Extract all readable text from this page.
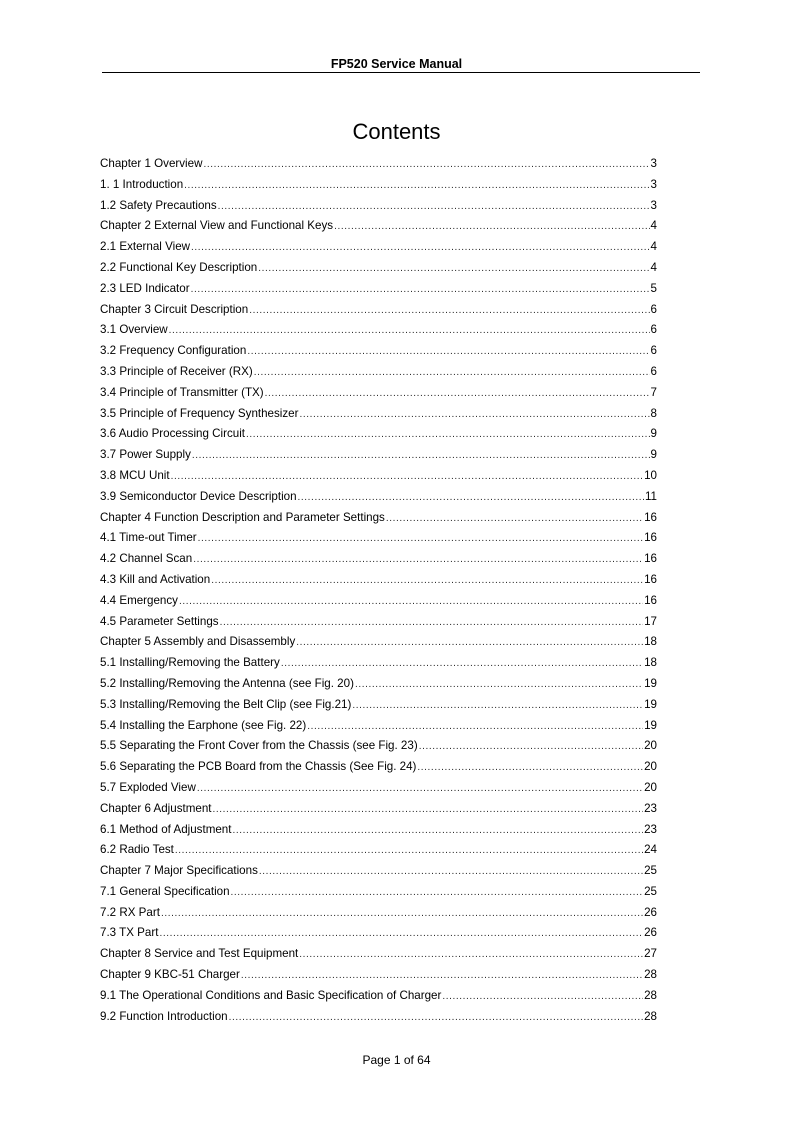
FP520 Service Manual
Contents
Chapter 1 Overview .....	3
1. 1 Introduction .....	3
1.2 Safety Precautions .....	3
Chapter 2 External View and Functional Keys .....	4
2.1 External View .....	4
2.2 Functional Key Description .....	4
2.3 LED Indicator .....	5
Chapter 3 Circuit Description .....	6
3.1 Overview .....	6
3.2 Frequency Configuration .....	6
3.3 Principle of Receiver (RX) .....	6
3.4 Principle of Transmitter (TX) .....	7
3.5 Principle of Frequency Synthesizer .....	8
3.6 Audio Processing Circuit .....	9
3.7 Power Supply .....	9
3.8 MCU Unit .....	10
3.9 Semiconductor Device Description .....	11
Chapter 4 Function Description and Parameter Settings .....	16
4.1 Time-out Timer .....	16
4.2 Channel Scan .....	16
4.3 Kill and Activation .....	16
4.4 Emergency .....	16
4.5 Parameter Settings .....	17
Chapter 5 Assembly and Disassembly .....	18
5.1 Installing/Removing the Battery .....	18
5.2 Installing/Removing the Antenna (see Fig. 20) .....	19
5.3 Installing/Removing the Belt Clip (see Fig.21) .....	19
5.4 Installing the Earphone (see Fig. 22) .....	19
5.5 Separating the Front Cover from the Chassis (see Fig. 23) .....	20
5.6 Separating the PCB Board from the Chassis (See Fig. 24) .....	20
5.7 Exploded View .....	20
Chapter 6 Adjustment .....	23
6.1 Method of Adjustment .....	23
6.2 Radio Test .....	24
Chapter 7 Major Specifications .....	25
7.1 General Specification .....	25
7.2 RX Part .....	26
7.3 TX Part .....	26
Chapter 8 Service and Test Equipment .....	27
Chapter 9 KBC-51 Charger .....	28
9.1 The Operational Conditions and Basic Specification of Charger .....	28
9.2 Function Introduction .....	28
Page 1 of 64
